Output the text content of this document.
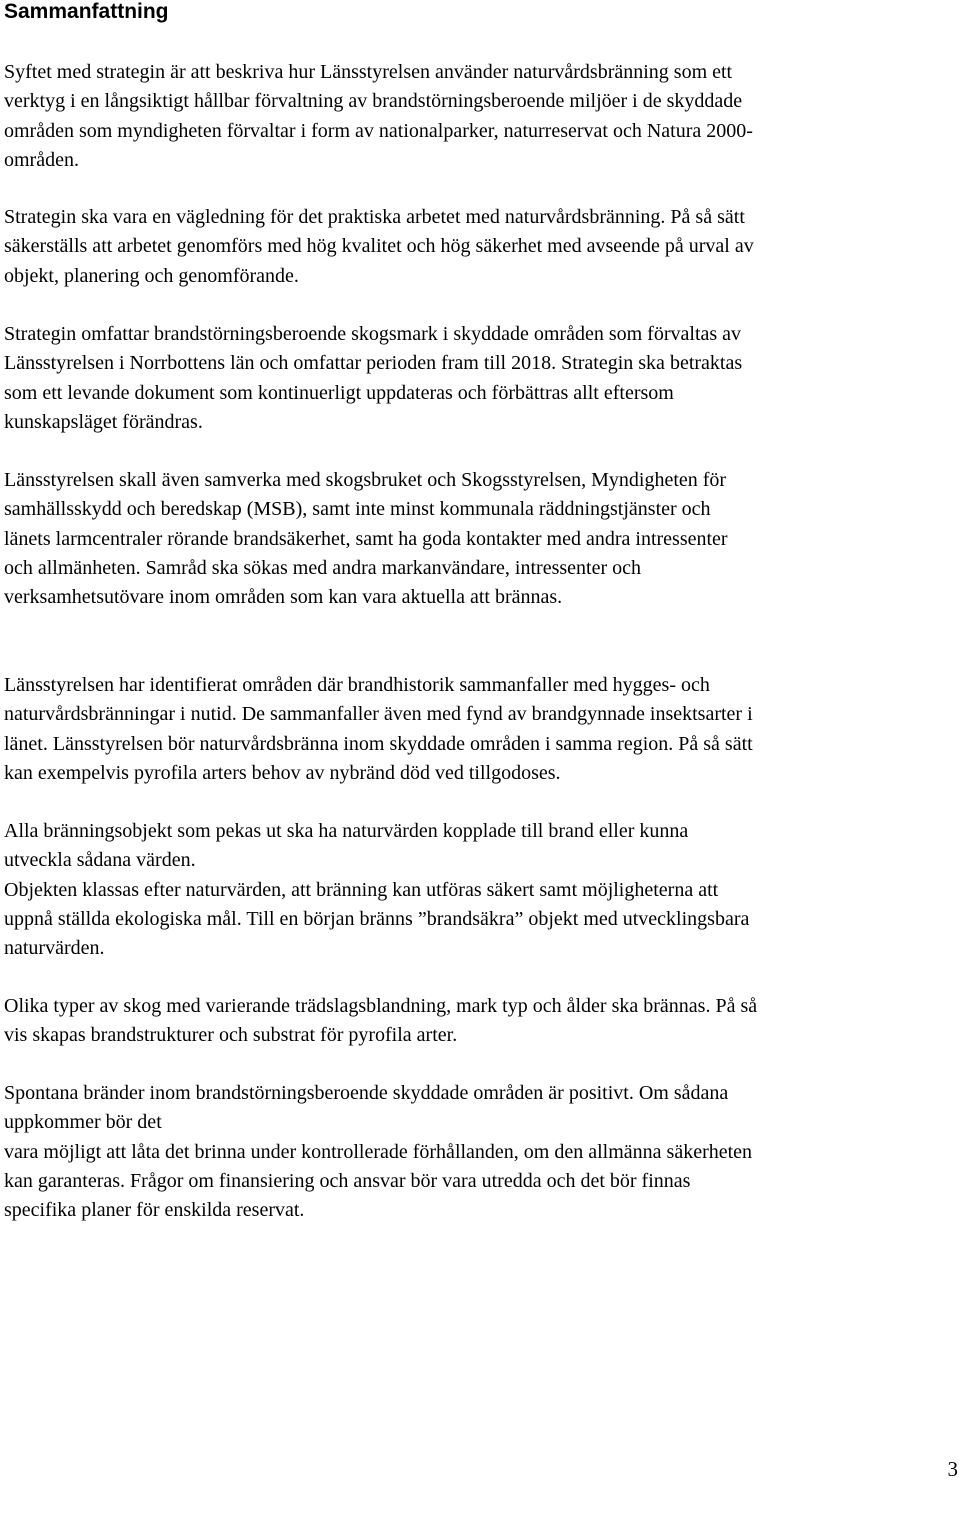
Sammanfattning

Syftet med strategin är att beskriva hur Länsstyrelsen använder naturvårdsbränning som ett
verktyg i en långsiktigt hållbar förvaltning av brandstörningsberoende miljöer i de skyddade
områden som myndigheten förvaltar i form av nationalparker, naturreservat och Natura 2000-
områden.

Strategin ska vara en vägledning för det praktiska arbetet med naturvårdsbränning. På så sätt
säkerställs att arbetet genomförs med hög kvalitet och hög säkerhet med avseende på urval av
objekt, planering och genomförande.

Strategin omfattar brandstörningsberoende skogsmark i skyddade områden som förvaltas av
Länsstyrelsen i Norrbottens län och omfattar perioden fram till 2018. Strategin ska betraktas
som ett levande dokument som kontinuerligt uppdateras och förbättras allt eftersom
kunskapsläget förändras.

Länsstyrelsen skall även samverka med skogsbruket och Skogsstyrelsen, Myndigheten för
samhällsskydd och beredskap (MSB), samt inte minst kommunala räddningstjänster och
länets larmcentraler rörande brandsäkerhet, samt ha goda kontakter med andra intressenter
och allmänheten. Samråd ska sökas med andra markanvändare, intressenter och
verksamhetsutövare inom områden som kan vara aktuella att brännas.

Länsstyrelsen har identifierat områden där brandhistorik sammanfaller med hygges- och
naturvårdsbränningar i nutid. De sammanfaller även med fynd av brandgynnade insektsarter i
länet. Länsstyrelsen bör naturvårdsbränna inom skyddade områden i samma region. På så sätt
kan exempelvis pyrofila arters behov av nybränd död ved tillgodoses.

Alla bränningsobjekt som pekas ut ska ha naturvärden kopplade till brand eller kunna
utveckla sådana värden.
Objekten klassas efter naturvärden, att bränning kan utföras säkert samt möjligheterna att
uppnå ställda ekologiska mål. Till en början bränns ”brandsäkra” objekt med utvecklingsbara
naturvärden.

Olika typer av skog med varierande trädslagsblandning, mark typ och ålder ska brännas. På så
vis skapas brandstrukturer och substrat för pyrofila arter.

Spontana bränder inom brandstörningsberoende skyddade områden är positivt. Om sådana
uppkommer bör det
vara möjligt att låta det brinna under kontrollerade förhållanden, om den allmänna säkerheten
kan garanteras. Frågor om finansiering och ansvar bör vara utredda och det bör finnas
specifika planer för enskilda reservat.

3
